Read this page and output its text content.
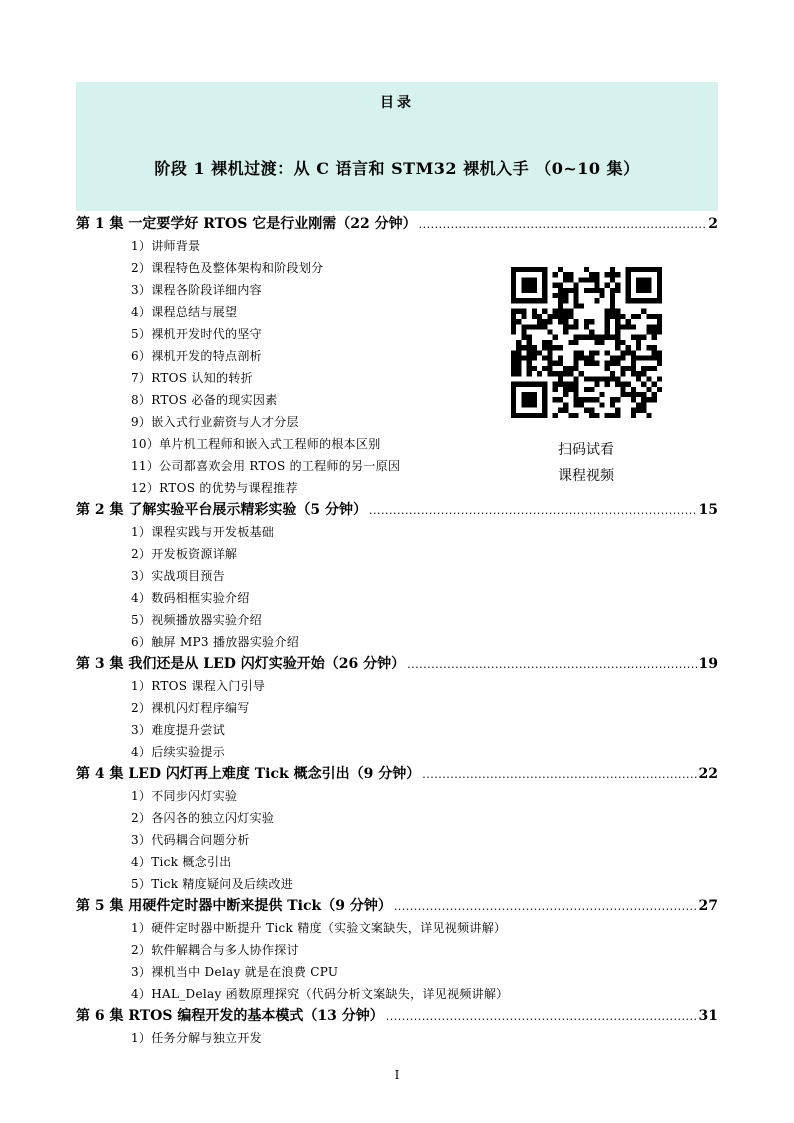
目录
阶段 1 裸机过渡：从 C 语言和 STM32 裸机入手 （0~10 集）
第 1 集 一定要学好 RTOS 它是行业刚需（22 分钟） .....	2
1）讲师背景
2）课程特色及整体架构和阶段划分
3）课程各阶段详细内容
4）课程总结与展望
5）裸机开发时代的坚守
6）裸机开发的特点剖析
7）RTOS 认知的转折
8）RTOS 必备的现实因素
9）嵌入式行业薪资与人才分层
10）单片机工程师和嵌入式工程师的根本区别
11）公司都喜欢会用 RTOS 的工程师的另一原因
12）RTOS 的优势与课程推荐
第 2 集 了解实验平台展示精彩实验（5 分钟） .....	15
1）课程实践与开发板基础
2）开发板资源详解
3）实战项目预告
4）数码相框实验介绍
5）视频播放器实验介绍
6）触屏 MP3 播放器实验介绍
第 3 集 我们还是从 LED 闪灯实验开始（26 分钟） .....	19
1）RTOS 课程入门引导
2）裸机闪灯程序编写
3）难度提升尝试
4）后续实验提示
第 4 集 LED 闪灯再上难度 Tick 概念引出（9 分钟） .....	22
1）不同步闪灯实验
2）各闪各的独立闪灯实验
3）代码耦合问题分析
4）Tick 概念引出
5）Tick 精度疑问及后续改进
第 5 集 用硬件定时器中断来提供 Tick（9 分钟） .....	27
1）硬件定时器中断提升 Tick 精度（实验文案缺失，详见视频讲解）
2）软件解耦合与多人协作探讨
3）裸机当中 Delay 就是在浪费 CPU
4）HAL_Delay 函数原理探究（代码分析文案缺失，详见视频讲解）
第 6 集 RTOS 编程开发的基本模式（13 分钟） .....	31
1）任务分解与独立开发
扫码试看
课程视频
I
